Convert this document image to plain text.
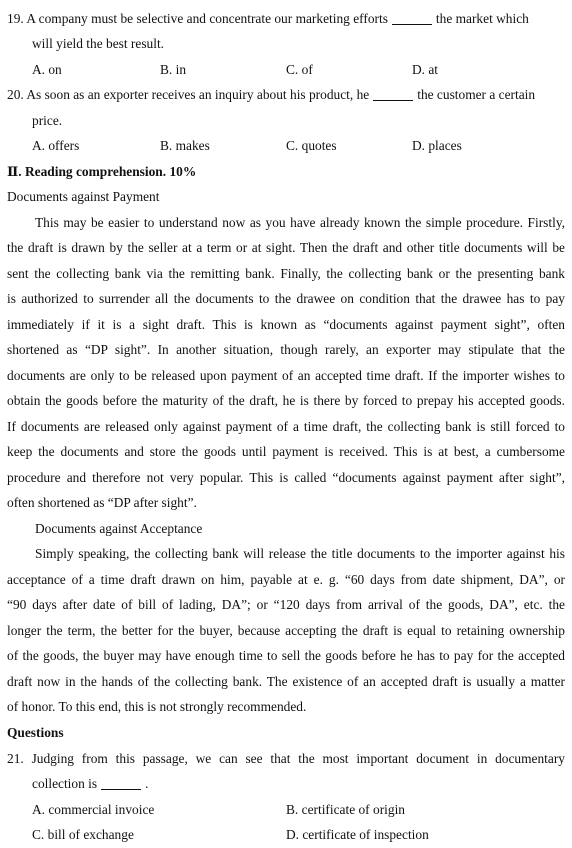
19. A company must be selective and concentrate our marketing efforts	the market which
will yield the best result.
A. on	B. in	C. of	D. at
20. As soon as an exporter receives an inquiry about his product, he	the customer a certain
price.
A. offers	B. makes	C. quotes	D. places
Ⅱ. Reading comprehension. 10%
Documents against Payment
This may be easier to understand now as you have already known the simple procedure. Firstly,
the draft is drawn by the seller at a term or at sight. Then the draft and other title documents will be
sent the collecting bank via the remitting bank. Finally, the collecting bank or the presenting bank
is authorized to surrender all the documents to the drawee on condition that the drawee has to pay
immediately if it is a sight draft. This is known as “documents against payment sight”, often
shortened as “DP sight”. In another situation, though rarely, an exporter may stipulate that the
documents are only to be released upon payment of an accepted time draft. If the importer wishes to
obtain the goods before the maturity of the draft, he is there by forced to prepay his accepted goods.
If documents are released only against payment of a time draft, the collecting bank is still forced to
keep the documents and store the goods until payment is received. This is at best, a cumbersome
procedure and therefore not very popular. This is called “documents against payment after sight”,
often shortened as “DP after sight”.
Documents against Acceptance
Simply speaking, the collecting bank will release the title documents to the importer against his
acceptance of a time draft drawn on him, payable at e. g. “60 days from date shipment, DA”, or
“90 days after date of bill of lading, DA”; or “120 days from arrival of the goods, DA”, etc. the
longer the term, the better for the buyer, because accepting the draft is equal to retaining ownership
of the goods, the buyer may have enough time to sell the goods before he has to pay for the accepted
draft now in the hands of the collecting bank. The existence of an accepted draft is usually a matter
of honor. To this end, this is not strongly recommended.
Questions
21. Judging from this passage, we can see that the most important document in documentary
collection is	.
A. commercial invoice	B. certificate of origin
C. bill of exchange	D. certificate of inspection
